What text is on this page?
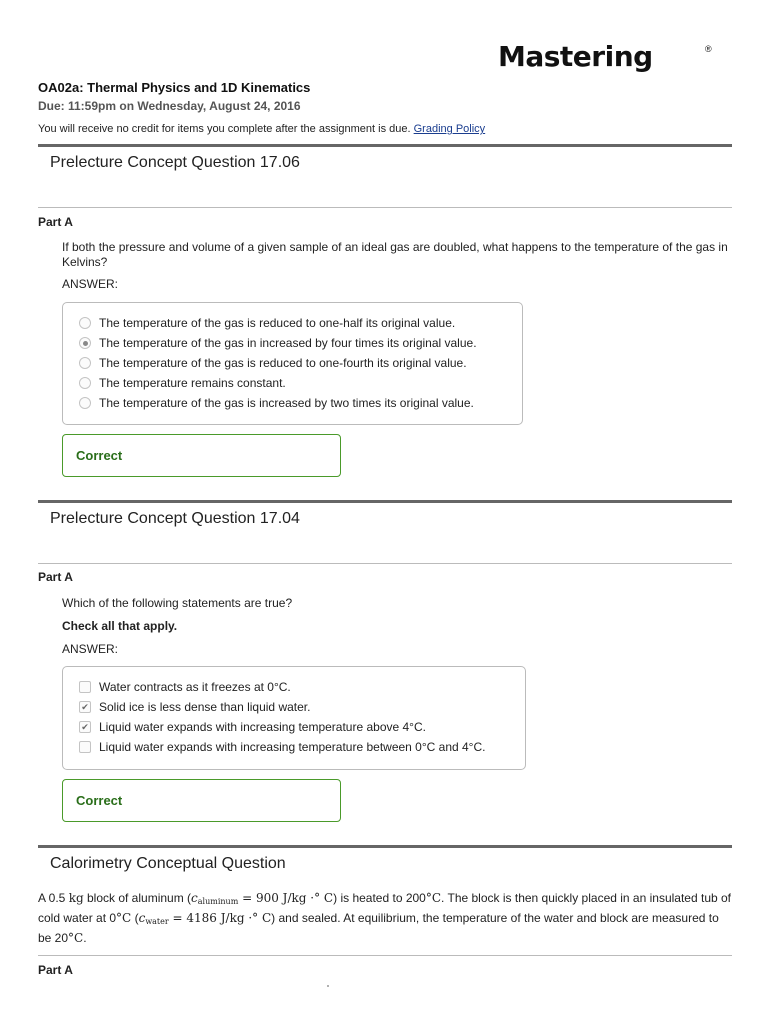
Mastering	®
OA02a: Thermal Physics and 1D Kinematics
Due: 11:59pm on Wednesday, August 24, 2016
You will receive no credit for items you complete after the assignment is due. Grading Policy
Prelecture Concept Question 17.06
Part A
If both the pressure and volume of a given sample of an ideal gas are doubled, what happens to the temperature of the gas in Kelvins?
ANSWER:
The temperature of the gas is reduced to one-half its original value.
The temperature of the gas in increased by four times its original value.
The temperature of the gas is reduced to one-fourth its original value.
The temperature remains constant.
The temperature of the gas is increased by two times its original value.
Correct
Prelecture Concept Question 17.04
Part A
Which of the following statements are true?
Check all that apply.
ANSWER:
Water contracts as it freezes at 0°C.
✔ Solid ice is less dense than liquid water.
✔ Liquid water expands with increasing temperature above 4°C.
Liquid water expands with increasing temperature between 0°C and 4°C.
Correct
Calorimetry Conceptual Question
A 0.5 kg block of aluminum ($c_{aluminum} = 900$ J/kg ·° C) is heated to 200°C. The block is then quickly placed in an insulated tub of cold water at 0°C ($c_{water} = 4186$ J/kg ·° C) and sealed. At equilibrium, the temperature of the water and block are measured to be 20°C.
Part A
